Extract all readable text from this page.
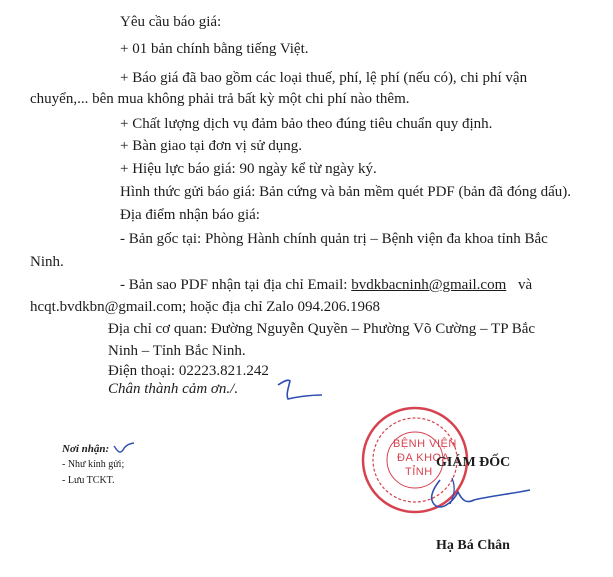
Yêu cầu báo giá:
+ 01 bản chính bằng tiếng Việt.
+ Báo giá đã bao gồm các loại thuế, phí, lệ phí (nếu có), chi phí vận
chuyển,... bên mua không phải trả bất kỳ một chi phí nào thêm.
+ Chất lượng dịch vụ đảm bảo theo đúng tiêu chuẩn quy định.
+ Bàn giao tại đơn vị sử dụng.
+ Hiệu lực báo giá: 90 ngày kể từ ngày ký.
Hình thức gửi báo giá: Bản cứng và bản mềm quét PDF (bản đã đóng dấu).
Địa điểm nhận báo giá:
- Bản gốc tại: Phòng Hành chính quản trị – Bệnh viện đa khoa tỉnh Bắc
Ninh.
- Bản sao PDF nhận tại địa chỉ Email: bvdkbacninh@gmail.com và
hcqt.bvdkbn@gmail.com; hoặc địa chỉ Zalo 094.206.1968
Địa chỉ cơ quan: Đường Nguyễn Quyền – Phường Võ Cường – TP Bắc
Ninh – Tỉnh Bắc Ninh.
Điện thoại: 02223.821.242
Chân thành cảm ơn./.
Nơi nhận:
- Như kính gửi;
- Lưu TCKT.
BỆNH VIỆN
ĐA KHOA
TỈNH
GIÁM ĐỐC
Hạ Bá Chân
